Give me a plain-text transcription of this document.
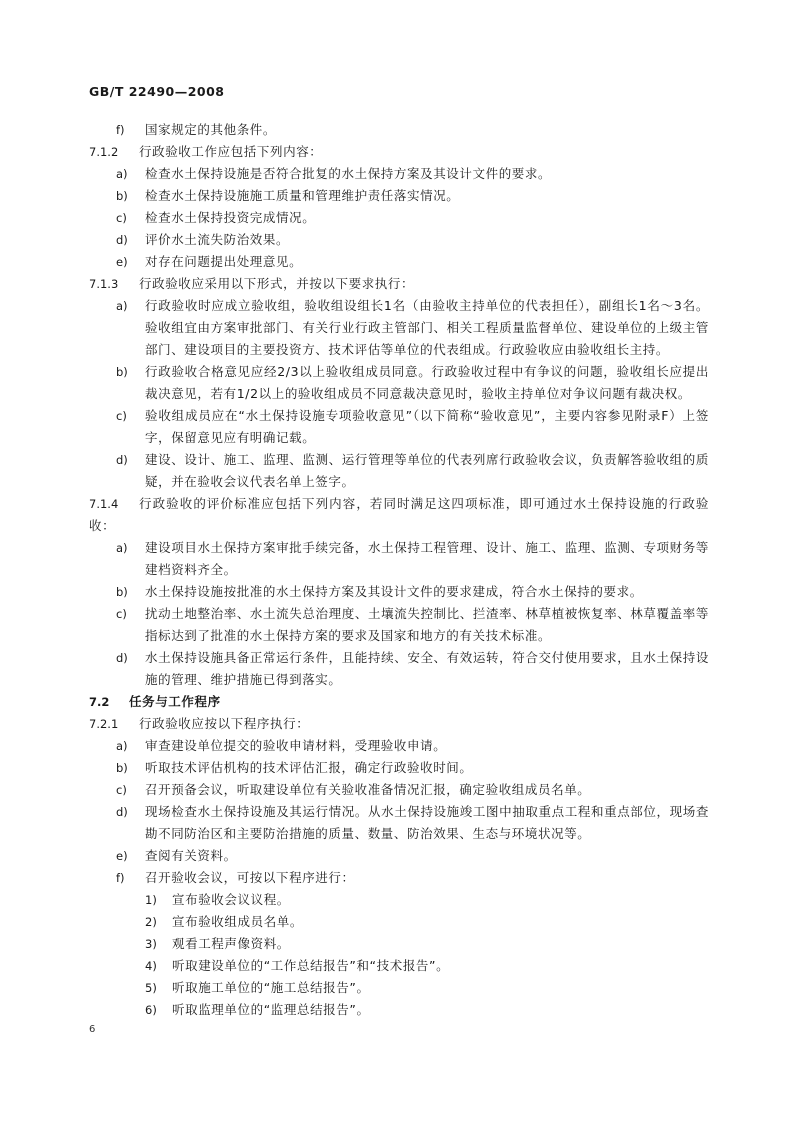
GB/T 22490—2008
f) 国家规定的其他条件。
7.1.2 行政验收工作应包括下列内容：
a) 检查水土保持设施是否符合批复的水土保持方案及其设计文件的要求。
b) 检查水土保持设施施工质量和管理维护责任落实情况。
c) 检查水土保持投资完成情况。
d) 评价水土流失防治效果。
e) 对存在问题提出处理意见。
7.1.3 行政验收应采用以下形式，并按以下要求执行：
a) 行政验收时应成立验收组，验收组设组长1名（由验收主持单位的代表担任），副组长1名～3名。验收组宜由方案审批部门、有关行业行政主管部门、相关工程质量监督单位、建设单位的上级主管部门、建设项目的主要投资方、技术评估等单位的代表组成。行政验收应由验收组长主持。
b) 行政验收合格意见应经2/3以上验收组成员同意。行政验收过程中有争议的问题，验收组长应提出裁决意见，若有1/2以上的验收组成员不同意裁决意见时，验收主持单位对争议问题有裁决权。
c) 验收组成员应在“水土保持设施专项验收意见”（以下简称“验收意见”，主要内容参见附录F）上签字，保留意见应有明确记载。
d) 建设、设计、施工、监理、监测、运行管理等单位的代表列席行政验收会议，负责解答验收组的质疑，并在验收会议代表名单上签字。
7.1.4	行政验收的评价标准应包括下列内容，若同时满足这四项标准，即可通过水土保持设施的行政验收：
a) 建设项目水土保持方案审批手续完备，水土保持工程管理、设计、施工、监理、监测、专项财务等建档资料齐全。
b) 水土保持设施按批准的水土保持方案及其设计文件的要求建成，符合水土保持的要求。
c) 扰动土地整治率、水土流失总治理度、土壤流失控制比、拦渣率、林草植被恢复率、林草覆盖率等指标达到了批准的水土保持方案的要求及国家和地方的有关技术标准。
d) 水土保持设施具备正常运行条件，且能持续、安全、有效运转，符合交付使用要求，且水土保持设施的管理、维护措施已得到落实。
7.2 任务与工作程序
7.2.1 行政验收应按以下程序执行：
a) 审查建设单位提交的验收申请材料，受理验收申请。
b) 听取技术评估机构的技术评估汇报，确定行政验收时间。
c) 召开预备会议，听取建设单位有关验收准备情况汇报，确定验收组成员名单。
d) 现场检查水土保持设施及其运行情况。从水土保持设施竣工图中抽取重点工程和重点部位，现场查勘不同防治区和主要防治措施的质量、数量、防治效果、生态与环境状况等。
e) 查阅有关资料。
f) 召开验收会议，可按以下程序进行：
1) 宣布验收会议议程。
2) 宣布验收组成员名单。
3) 观看工程声像资料。
4) 听取建设单位的“工作总结报告”和“技术报告”。
5) 听取施工单位的“施工总结报告”。
6) 听取监理单位的“监理总结报告”。
6
